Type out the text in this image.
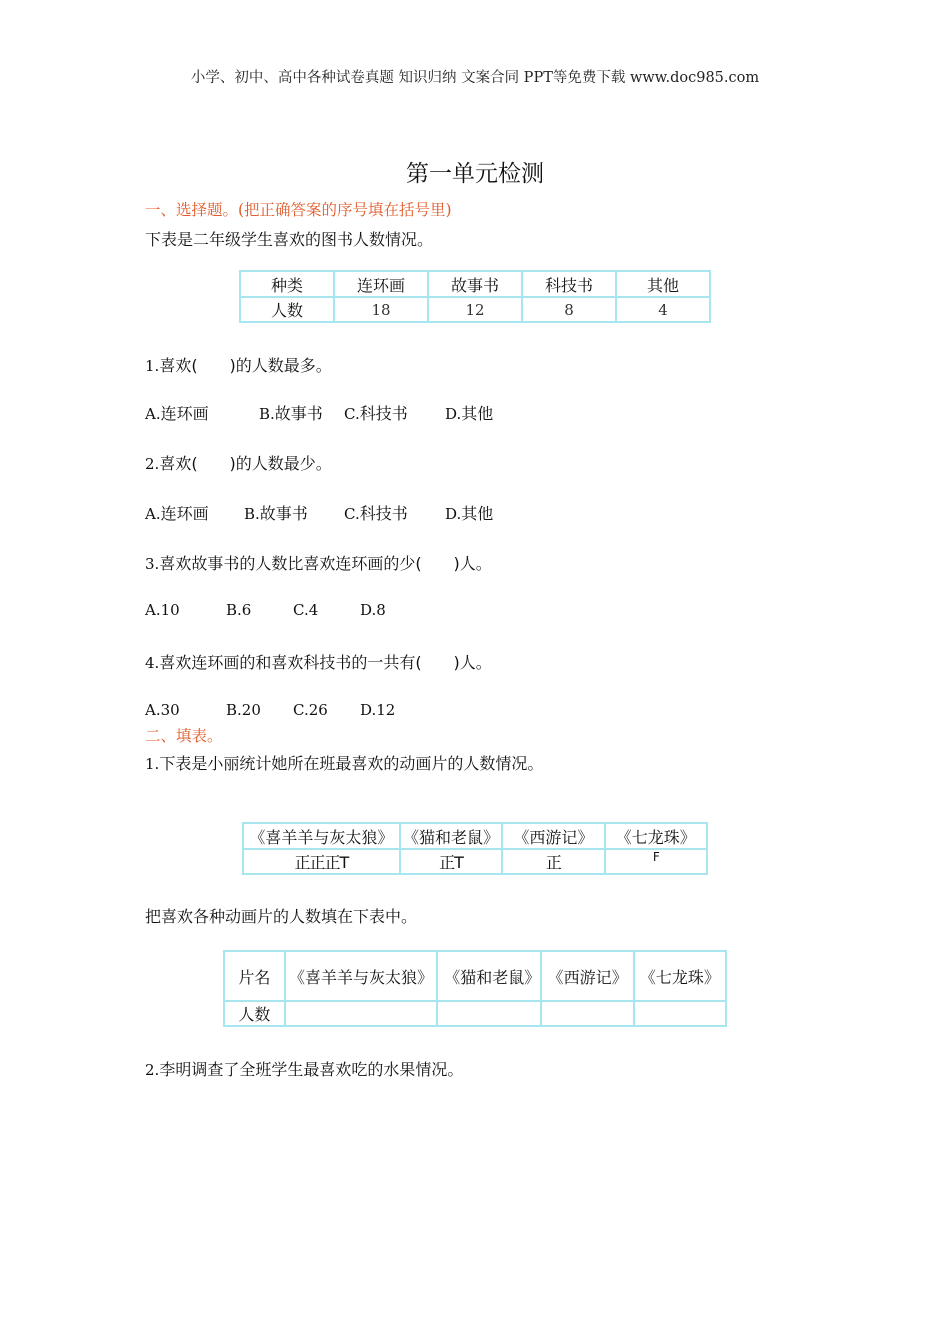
小学、初中、高中各种试卷真题 知识归纳 文案合同 PPT等免费下载 www.doc985.com
第一单元检测
一、选择题。(把正确答案的序号填在括号里)
下表是二年级学生喜欢的图书人数情况。
种类	连环画	故事书	科技书	其他
人数	18	12	8	4
1.喜欢(　　)的人数最多。
A.连环画	B.故事书 C.科技书 D.其他
2.喜欢(　　)的人数最少。
A.连环画 B.故事书 C.科技书 D.其他
3.喜欢故事书的人数比喜欢连环画的少(　　)人。
A.10	B.6	C.4	D.8
4.喜欢连环画的和喜欢科技书的一共有(　　)人。
A.30	B.20 C.26 D.12
二、填表。
1.下表是小丽统计她所在班最喜欢的动画片的人数情况。
《喜羊羊与灰太狼》	《猫和老鼠》	《西游记》	《七龙珠》
正正正T	正T	正	F
把喜欢各种动画片的人数填在下表中。
片名	《喜羊羊与灰太狼》	《猫和老鼠》	《西游记》	《七龙珠》
人数				
2.李明调查了全班学生最喜欢吃的水果情况。
